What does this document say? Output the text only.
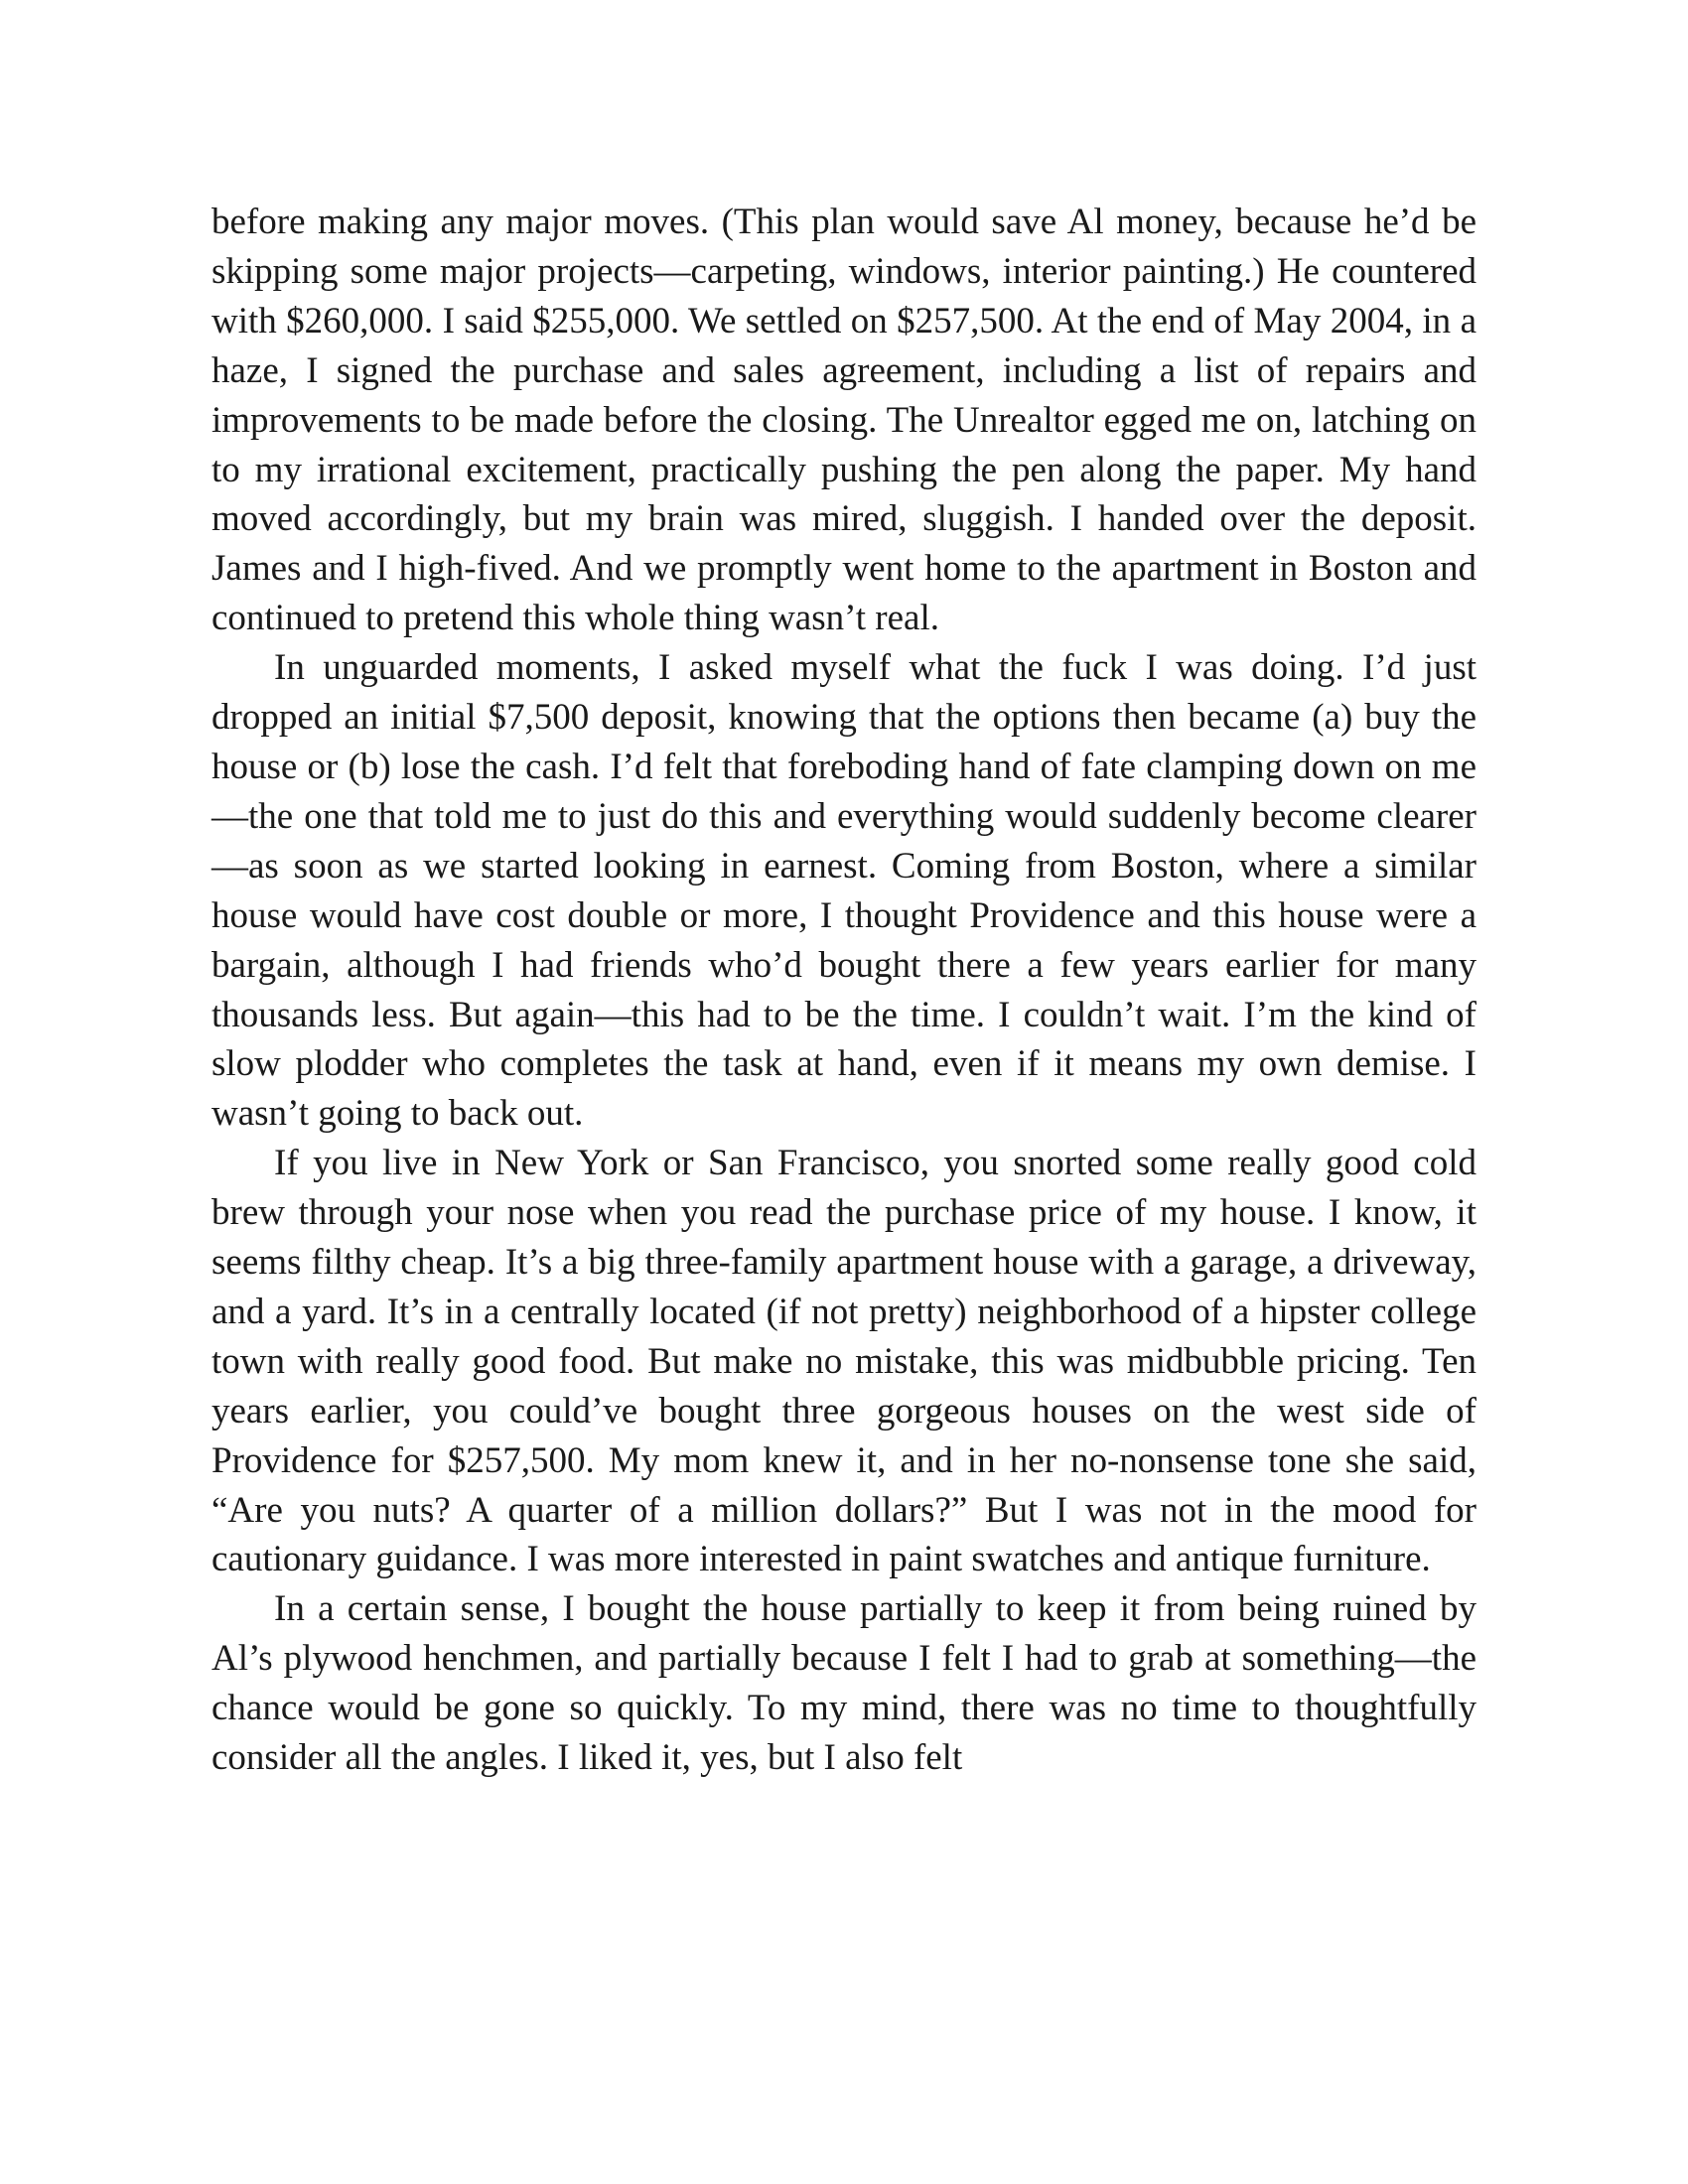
before making any major moves. (This plan would save Al money, because he’d be skipping some major projects—carpeting, windows, interior painting.) He countered with $260,000. I said $255,000. We settled on $257,500. At the end of May 2004, in a haze, I signed the purchase and sales agreement, including a list of repairs and improvements to be made before the closing. The Unrealtor egged me on, latching on to my irrational excitement, practically pushing the pen along the paper. My hand moved accordingly, but my brain was mired, sluggish. I handed over the deposit. James and I high-fived. And we promptly went home to the apartment in Boston and continued to pretend this whole thing wasn’t real.

In unguarded moments, I asked myself what the fuck I was doing. I’d just dropped an initial $7,500 deposit, knowing that the options then became (a) buy the house or (b) lose the cash. I’d felt that foreboding hand of fate clamping down on me—the one that told me to just do this and everything would suddenly become clearer—as soon as we started looking in earnest. Coming from Boston, where a similar house would have cost double or more, I thought Providence and this house were a bargain, although I had friends who’d bought there a few years earlier for many thousands less. But again—this had to be the time. I couldn’t wait. I’m the kind of slow plodder who completes the task at hand, even if it means my own demise. I wasn’t going to back out.

If you live in New York or San Francisco, you snorted some really good cold brew through your nose when you read the purchase price of my house. I know, it seems filthy cheap. It’s a big three-family apartment house with a garage, a driveway, and a yard. It’s in a centrally located (if not pretty) neighborhood of a hipster college town with really good food. But make no mistake, this was midbubble pricing. Ten years earlier, you could’ve bought three gorgeous houses on the west side of Providence for $257,500. My mom knew it, and in her no-nonsense tone she said, “Are you nuts? A quarter of a million dollars?” But I was not in the mood for cautionary guidance. I was more interested in paint swatches and antique furniture.

In a certain sense, I bought the house partially to keep it from being ruined by Al’s plywood henchmen, and partially because I felt I had to grab at something—the chance would be gone so quickly. To my mind, there was no time to thoughtfully consider all the angles. I liked it, yes, but I also felt
